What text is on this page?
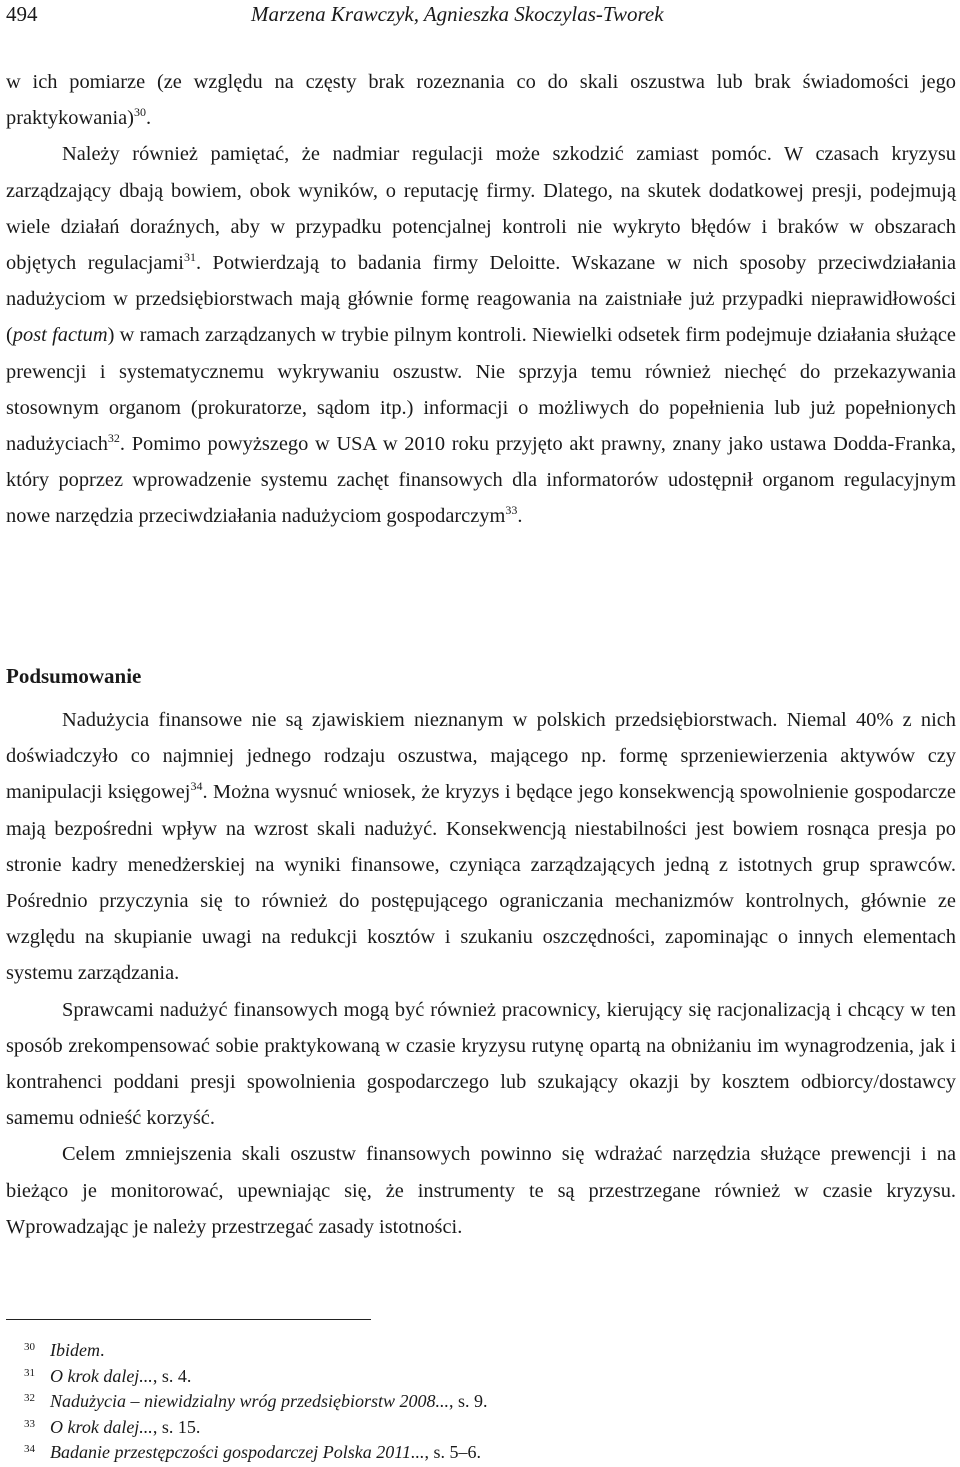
494	Marzena Krawczyk, Agnieszka Skoczylas-Tworek

w ich pomiarze (ze względu na częsty brak rozeznania co do skali oszustwa lub brak świadomości jego praktykowania)$^{30}$.

Należy również pamiętać, że nadmiar regulacji może szkodzić zamiast pomóc. W czasach kryzysu zarządzający dbają bowiem, obok wyników, o reputację firmy. Dlatego, na skutek dodatkowej presji, podejmują wiele działań doraźnych, aby w przypadku potencjalnej kontroli nie wykryto błędów i braków w obszarach objętych regulacjami$^{31}$. Potwierdzają to badania firmy Deloitte. Wskazane w nich sposoby przeciwdziałania nadużyciom w przedsiębiorstwach mają głównie formę reagowania na zaistniałe już przypadki nieprawidłowości (post factum) w ramach zarządzanych w trybie pilnym kontroli. Niewielki odsetek firm podejmuje działania służące prewencji i systematycznemu wykrywaniu oszustw. Nie sprzyja temu również niechęć do przekazywania stosownym organom (prokuratorze, sądom itp.) informacji o możliwych do popełnienia lub już popełnionych nadużyciach$^{32}$. Pomimo powyższego w USA w 2010 roku przyjęto akt prawny, znany jako ustawa Dodda-Franka, który poprzez wprowadzenie systemu zachęt finansowych dla informatorów udostępnił organom regulacyjnym nowe narzędzia przeciwdziałania nadużyciom gospodarczym$^{33}$.

Podsumowanie

Nadużycia finansowe nie są zjawiskiem nieznanym w polskich przedsiębiorstwach. Niemal 40% z nich doświadczyło co najmniej jednego rodzaju oszustwa, mającego np. formę sprzeniewierzenia aktywów czy manipulacji księgowej$^{34}$. Można wysnuć wniosek, że kryzys i będące jego konsekwencją spowolnienie gospodarcze mają bezpośredni wpływ na wzrost skali nadużyć. Konsekwencją niestabilności jest bowiem rosnąca presja po stronie kadry menedżerskiej na wyniki finansowe, czyniąca zarządzających jedną z istotnych grup sprawców. Pośrednio przyczynia się to również do postępującego ograniczania mechanizmów kontrolnych, głównie ze względu na skupianie uwagi na redukcji kosztów i szukaniu oszczędności, zapominając o innych elementach systemu zarządzania.

Sprawcami nadużyć finansowych mogą być również pracownicy, kierujący się racjonalizacją i chcący w ten sposób zrekompensować sobie praktykowaną w czasie kryzysu rutynę opartą na obniżaniu im wynagrodzenia, jak i kontrahenci poddani presji spowolnienia gospodarczego lub szukający okazji by kosztem odbiorcy/dostawcy samemu odnieść korzyść.

Celem zmniejszenia skali oszustw finansowych powinno się wdrażać narzędzia służące prewencji i na bieżąco je monitorować, upewniając się, że instrumenty te są przestrzegane również w czasie kryzysu. Wprowadzając je należy przestrzegać zasady istotności.

30 Ibidem.
31 O krok dalej..., s. 4.
32 Nadużycia – niewidzialny wróg przedsiębiorstw 2008..., s. 9.
33 O krok dalej..., s. 15.
34 Badanie przestępczości gospodarczej Polska 2011..., s. 5–6.
